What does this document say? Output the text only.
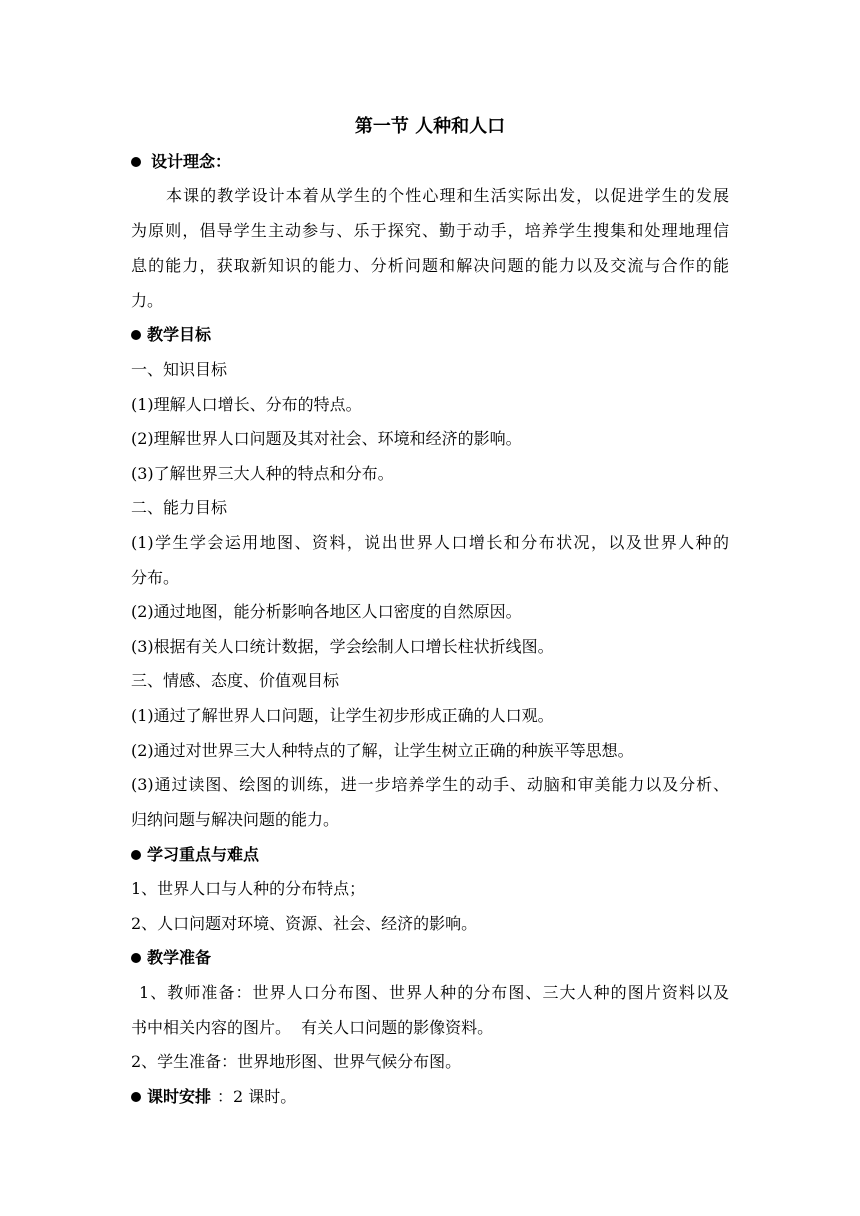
第一节 人种和人口
设计理念：
本课的教学设计本着从学生的个性心理和生活实际出发，以促进学生的发展
为原则，倡导学生主动参与、乐于探究、勤于动手，培养学生搜集和处理地理信
息的能力，获取新知识的能力、分析问题和解决问题的能力以及交流与合作的能
力。
教学目标
一、知识目标
(1)理解人口增长、分布的特点。
(2)理解世界人口问题及其对社会、环境和经济的影响。
(3)了解世界三大人种的特点和分布。
二、能力目标
(1)学生学会运用地图、资料，说出世界人口增长和分布状况，以及世界人种的
分布。
(2)通过地图，能分析影响各地区人口密度的自然原因。
(3)根据有关人口统计数据，学会绘制人口增长柱状折线图。
三、情感、态度、价值观目标
(1)通过了解世界人口问题，让学生初步形成正确的人口观。
(2)通过对世界三大人种特点的了解，让学生树立正确的种族平等思想。
(3)通过读图、绘图的训练，进一步培养学生的动手、动脑和审美能力以及分析、
归纳问题与解决问题的能力。
学习重点与难点
1、世界人口与人种的分布特点；
2、人口问题对环境、资源、社会、经济的影响。
教学准备
1、教师准备：世界人口分布图、世界人种的分布图、三大人种的图片资料以及
书中相关内容的图片。  有关人口问题的影像资料。
2、学生准备：世界地形图、世界气候分布图。
课时安排 ：2 课时。
